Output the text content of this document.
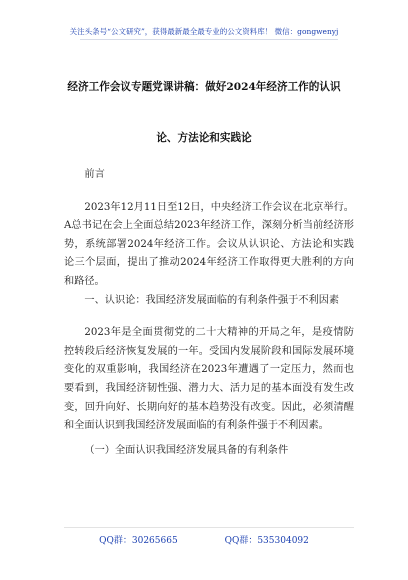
关注头条号“公文研究”，获得最新最全最专业的公文资料库！ 微信：gongwenyj
经济工作会议专题党课讲稿：做好2024年经济工作的认识
论、方法论和实践论

前言

2023年12月11日至12日，中央经济工作会议在北京举行。A总书记在会上全面总结2023年经济工作，深刻分析当前经济形势，系统部署2024年经济工作。会议从认识论、方法论和实践论三个层面，提出了推动2024年经济工作取得更大胜利的方向和路径。

一、认识论：我国经济发展面临的有利条件强于不利因素

2023年是全面贯彻党的二十大精神的开局之年，是疫情防控转段后经济恢复发展的一年。受国内发展阶段和国际发展环境变化的双重影响，我国经济在2023年遭遇了一定压力，然而也要看到，我国经济韧性强、潜力大、活力足的基本面没有发生改变，回升向好、长期向好的基本趋势没有改变。因此，必须清醒和全面认识到我国经济发展面临的有利条件强于不利因素。

（一）全面认识我国经济发展具备的有利条件

QQ群：30265665	QQ群：535304092
